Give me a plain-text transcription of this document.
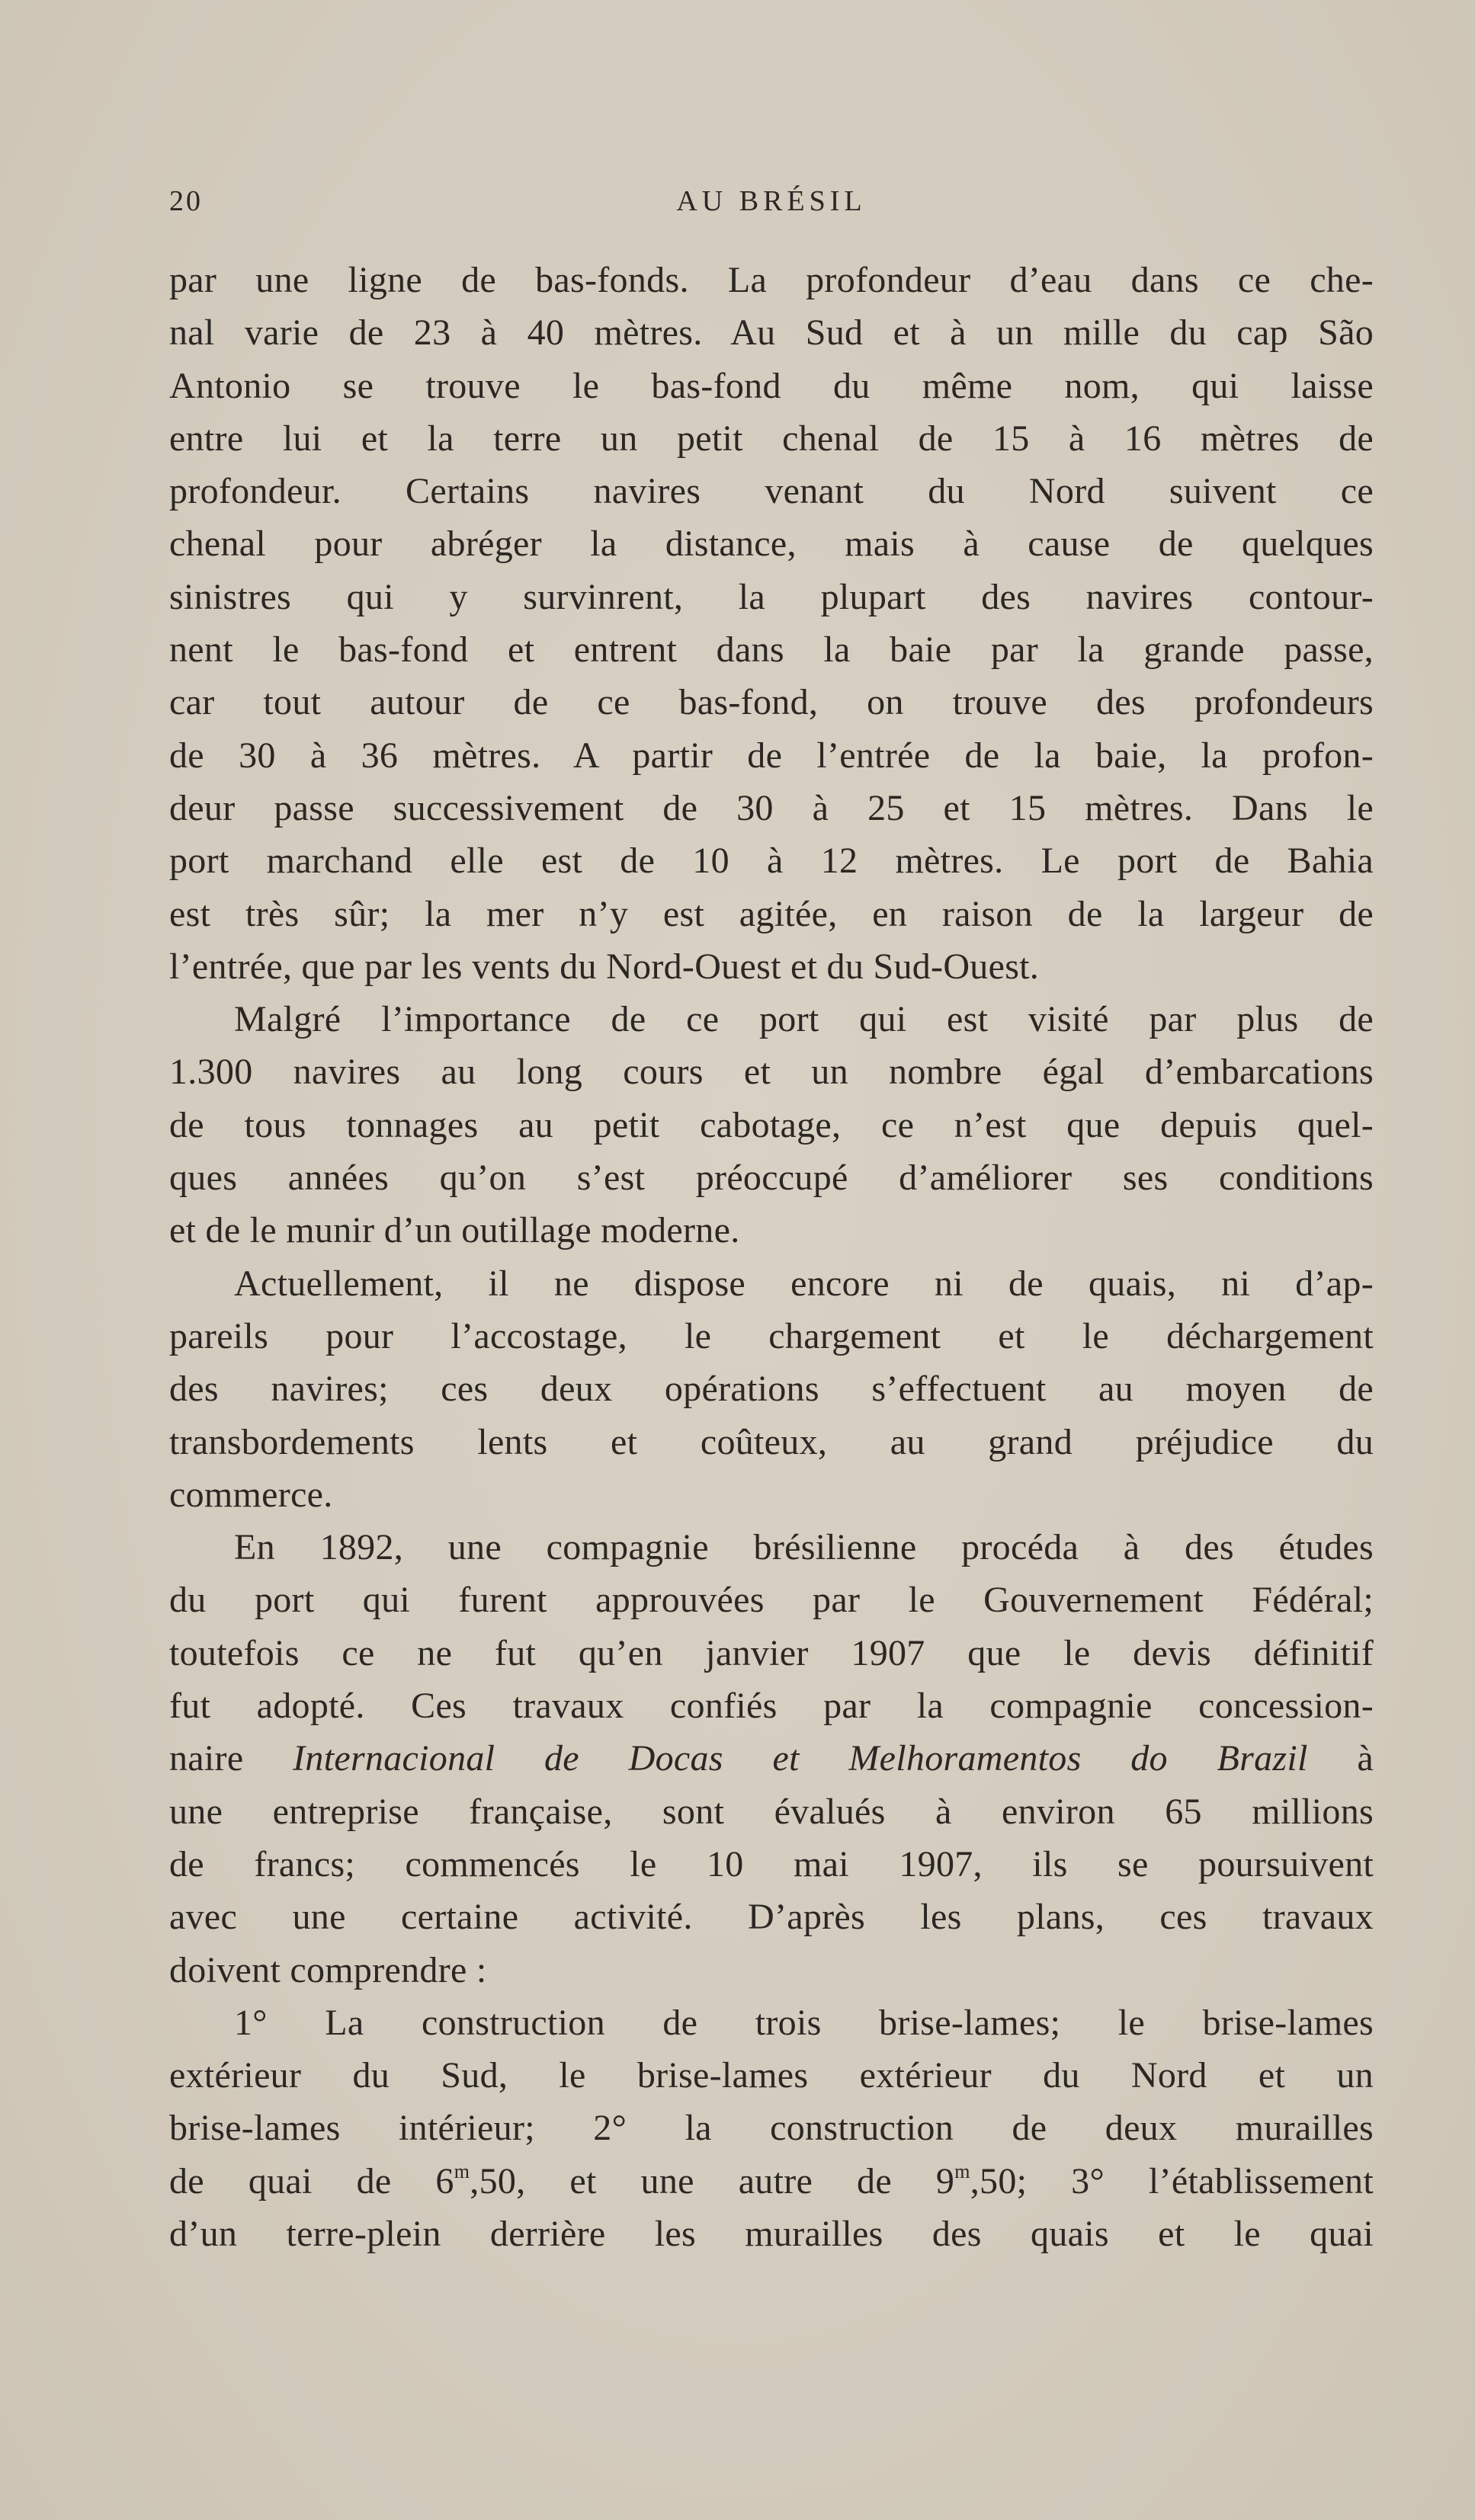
20	AU BRÉSIL
par une ligne de bas-fonds. La profondeur d’eau dans ce che-
nal varie de 23 à 40 mètres. Au Sud et à un mille du cap São
Antonio se trouve le bas-fond du même nom, qui laisse
entre lui et la terre un petit chenal de 15 à 16 mètres de
profondeur. Certains navires venant du Nord suivent ce
chenal pour abréger la distance, mais à cause de quelques
sinistres qui y survinrent, la plupart des navires contour-
nent le bas-fond et entrent dans la baie par la grande passe,
car tout autour de ce bas-fond, on trouve des profondeurs
de 30 à 36 mètres. A partir de l’entrée de la baie, la profon-
deur passe successivement de 30 à 25 et 15 mètres. Dans le
port marchand elle est de 10 à 12 mètres. Le port de Bahia
est très sûr; la mer n’y est agitée, en raison de la largeur de
l’entrée, que par les vents du Nord-Ouest et du Sud-Ouest.
Malgré l’importance de ce port qui est visité par plus de
1.300 navires au long cours et un nombre égal d’embarcations
de tous tonnages au petit cabotage, ce n’est que depuis quel-
ques années qu’on s’est préoccupé d’améliorer ses conditions
et de le munir d’un outillage moderne.
Actuellement, il ne dispose encore ni de quais, ni d’ap-
pareils pour l’accostage, le chargement et le déchargement
des navires; ces deux opérations s’effectuent au moyen de
transbordements lents et coûteux, au grand préjudice du
commerce.
En 1892, une compagnie brésilienne procéda à des études
du port qui furent approuvées par le Gouvernement Fédéral;
toutefois ce ne fut qu’en janvier 1907 que le devis définitif
fut adopté. Ces travaux confiés par la compagnie concession-
naire Internacional de Docas et Melhoramentos do Brazil à
une entreprise française, sont évalués à environ 65 millions
de francs; commencés le 10 mai 1907, ils se poursuivent
avec une certaine activité. D’après les plans, ces travaux
doivent comprendre :
1° La construction de trois brise-lames; le brise-lames
extérieur du Sud, le brise-lames extérieur du Nord et un
brise-lames intérieur; 2° la construction de deux murailles
de quai de 6$^m$,50, et une autre de 9$^m$,50; 3° l’établissement
d’un terre-plein derrière les murailles des quais et le quai
